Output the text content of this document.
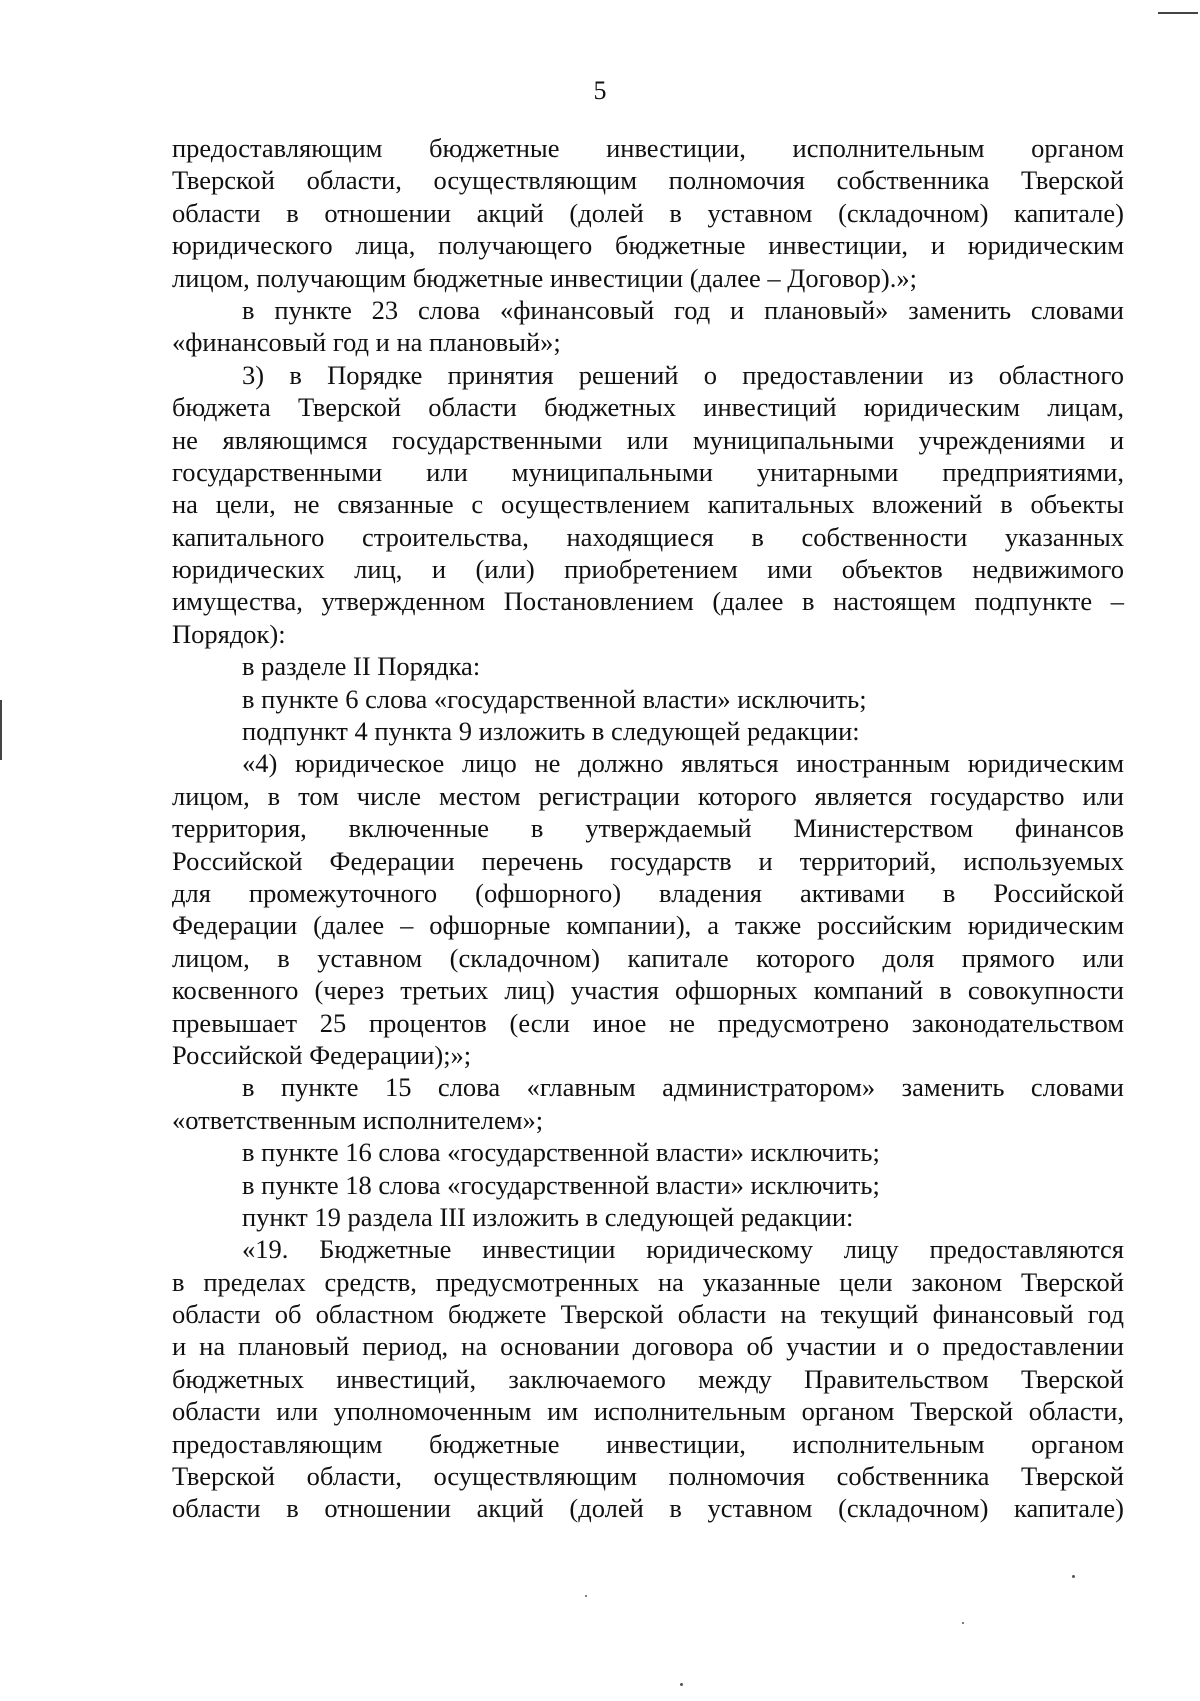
5
предоставляющим бюджетные инвестиции, исполнительным органом
Тверской области, осуществляющим полномочия собственника Тверской
области в отношении акций (долей в уставном (складочном) капитале)
юридического лица, получающего бюджетные инвестиции, и юридическим
лицом, получающим бюджетные инвестиции (далее – Договор).»;
в пункте 23 слова «финансовый год и плановый» заменить словами
«финансовый год и на плановый»;
3) в Порядке принятия решений о предоставлении из областного
бюджета Тверской области бюджетных инвестиций юридическим лицам,
не являющимся государственными или муниципальными учреждениями и
государственными или муниципальными унитарными предприятиями,
на цели, не связанные с осуществлением капитальных вложений в объекты
капитального строительства, находящиеся в собственности указанных
юридических лиц, и (или) приобретением ими объектов недвижимого
имущества, утвержденном Постановлением (далее в настоящем подпункте –
Порядок):
в разделе II Порядка:
в пункте 6 слова «государственной власти» исключить;
подпункт 4 пункта 9 изложить в следующей редакции:
«4) юридическое лицо не должно являться иностранным юридическим
лицом, в том числе местом регистрации которого является государство или
территория, включенные в утверждаемый Министерством финансов
Российской Федерации перечень государств и территорий, используемых
для промежуточного (офшорного) владения активами в Российской
Федерации (далее – офшорные компании), а также российским юридическим
лицом, в уставном (складочном) капитале которого доля прямого или
косвенного (через третьих лиц) участия офшорных компаний в совокупности
превышает 25 процентов (если иное не предусмотрено законодательством
Российской Федерации);»;
в пункте 15 слова «главным администратором» заменить словами
«ответственным исполнителем»;
в пункте 16 слова «государственной власти» исключить;
в пункте 18 слова «государственной власти» исключить;
пункт 19 раздела III изложить в следующей редакции:
«19. Бюджетные инвестиции юридическому лицу предоставляются
в пределах средств, предусмотренных на указанные цели законом Тверской
области об областном бюджете Тверской области на текущий финансовый год
и на плановый период, на основании договора об участии и о предоставлении
бюджетных инвестиций, заключаемого между Правительством Тверской
области или уполномоченным им исполнительным органом Тверской области,
предоставляющим бюджетные инвестиции, исполнительным органом
Тверской области, осуществляющим полномочия собственника Тверской
области в отношении акций (долей в уставном (складочном) капитале)
